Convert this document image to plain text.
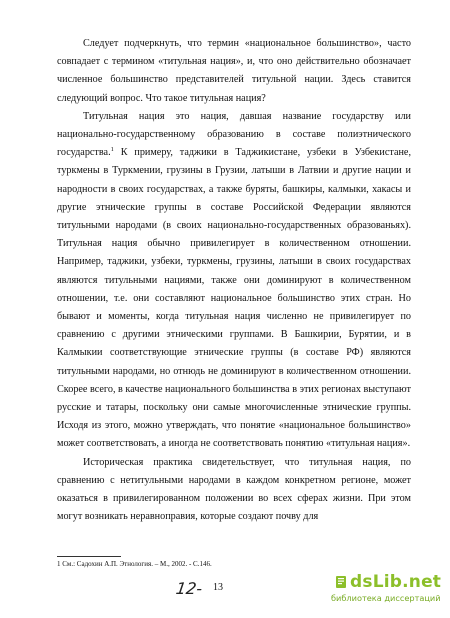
Следует подчеркнуть, что термин «национальное большинство», часто совпадает с термином «титульная нация», и, что оно действительно обозначает численное большинство представителей титульной нации. Здесь ставится следующий вопрос. Что такое титульная нация?

Титульная нация это нация, давшая название государству или национально-государственному образованию в составе полиэтнического государства.$^1$ К примеру, таджики в Таджикистане, узбеки в Узбекистане, туркмены в Туркмении, грузины в Грузии, латыши в Латвии и другие нации и народности в своих государствах, а также буряты, башкиры, калмыки, хакасы и другие этнические группы в составе Российской Федерации являются титульными народами (в своих национально-государственных образованьях). Титульная нация обычно привилегирует в количественном отношении. Например, таджики, узбеки, туркмены, грузины, латыши в своих государствах являются титульными нациями, также они доминируют в количественном отношении, т.е. они составляют национальное большинство этих стран. Но бывают и моменты, когда титульная нация численно не привилегирует по сравнению с другими этническими группами. В Башкирии, Бурятии, и в Калмыкии соответствующие этнические группы (в составе РФ) являются титульными народами, но отнюдь не доминируют в количественном отношении. Скорее всего, в качестве национального большинства в этих регионах выступают русские и татары, поскольку они самые многочисленные этнические группы. Исходя из этого, можно утверждать, что понятие «национальное большинство» может соответствовать, а иногда не соответствовать понятию «титульная нация».

Историческая практика свидетельствует, что титульная нация, по сравнению с нетитульными народами в каждом конкретном регионе, может оказаться в привилегированном положении во всех сферах жизни. При этом могут возникать неравноправия, которые создают почву для

1 См.: Садохин А.П. Этнология. – М., 2002. - С.146.
12- 13	dsLib.net
библиотека диссертаций
